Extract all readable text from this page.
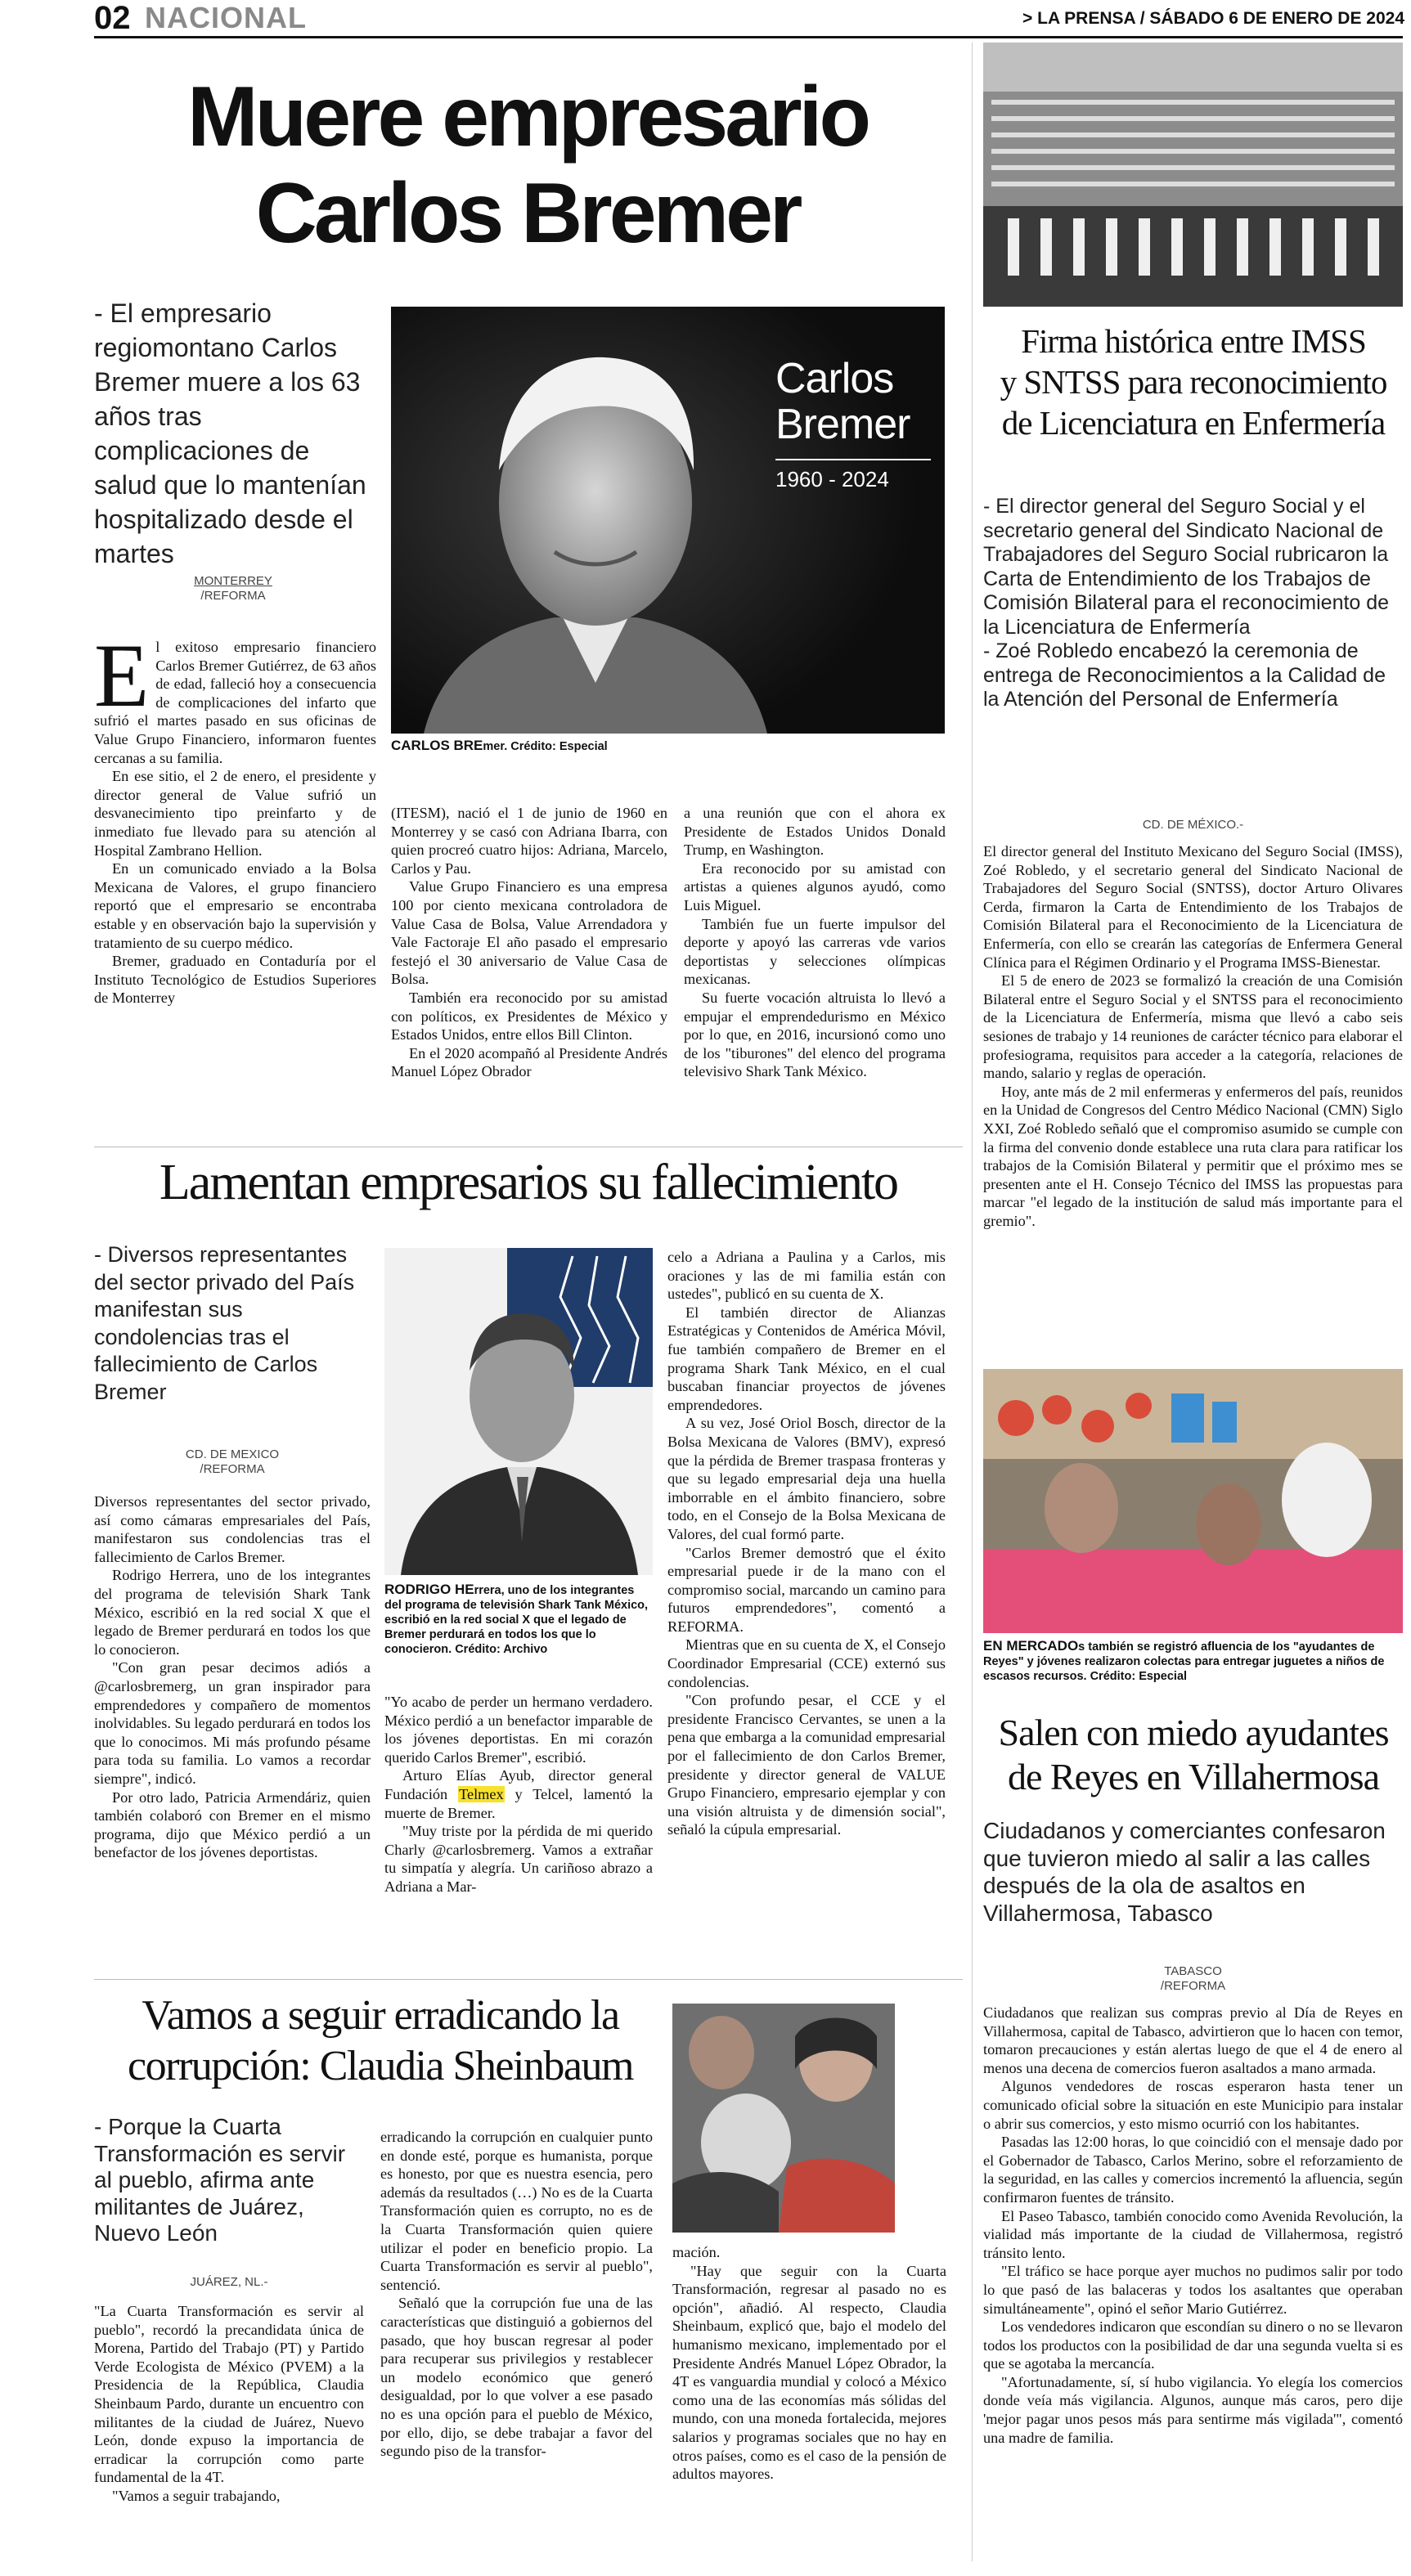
02 NACIONAL	> LA PRENSA / SÁBADO 6 DE ENERO DE 2024
Muere empresario
Carlos Bremer
- El empresario regiomontano Carlos Bremer muere a los 63 años tras complicaciones de salud que lo mantenían hospitalizado desde el martes
MONTERREY
/REFORMA
Carlos
Bremer
1960 - 2024
CARLOS BREmer. Crédito: Especial
E l exitoso empresario financiero Carlos Bremer Gutiérrez, de 63 años de edad, falleció hoy a consecuencia de complicaciones del infarto que sufrió el martes pasado en sus oficinas de Value Grupo Financiero, informaron fuentes cercanas a su familia.

En ese sitio, el 2 de enero, el presidente y director general de Value sufrió un desvanecimiento tipo preinfarto y de inmediato fue llevado para su atención al Hospital Zambrano Hellion.

En un comunicado enviado a la Bolsa Mexicana de Valores, el grupo financiero reportó que el empresario se encontraba estable y en observación bajo la supervisión y tratamiento de su cuerpo médico.

Bremer, graduado en Contaduría por el Instituto Tecnológico de Estudios Superiores de Monterrey

(ITESM), nació el 1 de junio de 1960 en Monterrey y se casó con Adriana Ibarra, con quien procreó cuatro hijos: Adriana, Marcelo, Carlos y Pau.

Value Grupo Financiero es una empresa 100 por ciento mexicana controladora de Value Casa de Bolsa, Value Arrendadora y Vale Factoraje El año pasado el empresario festejó el 30 aniversario de Value Casa de Bolsa.

También era reconocido por su amistad con políticos, ex Presidentes de México y Estados Unidos, entre ellos Bill Clinton.

En el 2020 acompañó al Presidente Andrés Manuel López Obrador

a una reunión que con el ahora ex Presidente de Estados Unidos Donald Trump, en Washington.

Era reconocido por su amistad con artistas a quienes algunos ayudó, como Luis Miguel.

También fue un fuerte impulsor del deporte y apoyó las carreras vde varios deportistas y selecciones olímpicas mexicanas.

Su fuerte vocación altruista lo llevó a empujar el emprendedurismo en México por lo que, en 2016, incursionó como uno de los "tiburones" del elenco del programa televisivo Shark Tank México.

Firma histórica entre IMSS
y SNTSS para reconocimiento
de Licenciatura en Enfermería
- El director general del Seguro Social y el secretario general del Sindicato Nacional de Trabajadores del Seguro Social rubricaron la Carta de Entendimiento de los Trabajos de Comisión Bilateral para el reconocimiento de la Licenciatura de Enfermería
- Zoé Robledo encabezó la ceremonia de entrega de Reconocimientos a la Calidad de la Atención del Personal de Enfermería
CD. DE MÉXICO.-

El director general del Instituto Mexicano del Seguro Social (IMSS), Zoé Robledo, y el secretario general del Sindicato Nacional de Trabajadores del Seguro Social (SNTSS), doctor Arturo Olivares Cerda, firmaron la Carta de Entendimiento de los Trabajos de Comisión Bilateral para el Reconocimiento de la Licenciatura de Enfermería, con ello se crearán las categorías de Enfermera General Clínica para el Régimen Ordinario y el Programa IMSS-Bienestar.

El 5 de enero de 2023 se formalizó la creación de una Comisión Bilateral entre el Seguro Social y el SNTSS para el reconocimiento de la Licenciatura de Enfermería, misma que llevó a cabo seis sesiones de trabajo y 14 reuniones de carácter técnico para elaborar el profesiograma, requisitos para acceder a la categoría, relaciones de mando, salario y reglas de operación.

Hoy, ante más de 2 mil enfermeras y enfermeros del país, reunidos en la Unidad de Congresos del Centro Médico Nacional (CMN) Siglo XXI, Zoé Robledo señaló que el compromiso asumido se cumple con la firma del convenio donde establece una ruta clara para ratificar los trabajos de la Comisión Bilateral y permitir que el próximo mes se presenten ante el H. Consejo Técnico del IMSS las propuestas para marcar "el legado de la institución de salud más importante para el gremio".

Lamentan empresarios su fallecimiento
- Diversos representantes del sector privado del País manifestan sus condolencias tras el fallecimiento de Carlos Bremer
CD. DE MEXICO
/REFORMA

Diversos representantes del sector privado, así como cámaras empresariales del País, manifestaron sus condolencias tras el fallecimiento de Carlos Bremer.

Rodrigo Herrera, uno de los integrantes del programa de televisión Shark Tank México, escribió en la red social X que el legado de Bremer perdurará en todos los que lo conocieron.

"Con gran pesar decimos adiós a @carlosbremerg, un gran inspirador para emprendedores y compañero de momentos inolvidables. Su legado perdurará en todos los que lo conocimos. Mi más profundo pésame para toda su familia. Lo vamos a recordar siempre", indicó.

Por otro lado, Patricia Armendáriz, quien también colaboró con Bremer en el mismo programa, dijo que México perdió a un benefactor de los jóvenes deportistas.

RODRIGO HErrera, uno de los integrantes del programa de televisión Shark Tank México, escribió en la red social X que el legado de Bremer perdurará en todos los que lo conocieron. Crédito: Archivo

"Yo acabo de perder un hermano verdadero. México perdió a un benefactor imparable de los jóvenes deportistas. En mi corazón querido Carlos Bremer", escribió.

Arturo Elías Ayub, director general Fundación Telmex y Telcel, lamentó la muerte de Bremer.

"Muy triste por la pérdida de mi querido Charly @carlosbremerg. Vamos a extrañar tu simpatía y alegría. Un cariñoso abrazo a Adriana a Mar-

celo a Adriana a Paulina y a Carlos, mis oraciones y las de mi familia están con ustedes", publicó en su cuenta de X.

El también director de Alianzas Estratégicas y Contenidos de América Móvil, fue también compañero de Bremer en el programa Shark Tank México, en el cual buscaban financiar proyectos de jóvenes emprendedores.

A su vez, José Oriol Bosch, director de la Bolsa Mexicana de Valores (BMV), expresó que la pérdida de Bremer traspasa fronteras y que su legado empresarial deja una huella imborrable en el ámbito financiero, sobre todo, en el Consejo de la Bolsa Mexicana de Valores, del cual formó parte.

"Carlos Bremer demostró que el éxito empresarial puede ir de la mano con el compromiso social, marcando un camino para futuros emprendedores", comentó a REFORMA.

Mientras que en su cuenta de X, el Consejo Coordinador Empresarial (CCE) externó sus condolencias.

"Con profundo pesar, el CCE y el presidente Francisco Cervantes, se unen a la pena que embarga a la comunidad empresarial por el fallecimiento de don Carlos Bremer, presidente y director general de VALUE Grupo Financiero, empresario ejemplar y con una visión altruista y de dimensión social", señaló la cúpula empresarial.

EN MERCADOs también se registró afluencia de los "ayudantes de Reyes" y jóvenes realizaron colectas para entregar juguetes a niños de escasos recursos. Crédito: Especial
Salen con miedo ayudantes
de Reyes en Villahermosa
Ciudadanos y comerciantes confesaron que tuvieron miedo al salir a las calles después de la ola de asaltos en Villahermosa, Tabasco
TABASCO
/REFORMA

Ciudadanos que realizan sus compras previo al Día de Reyes en Villahermosa, capital de Tabasco, advirtieron que lo hacen con temor, tomaron precauciones y están alertas luego de que el 4 de enero al menos una decena de comercios fueron asaltados a mano armada.

Algunos vendedores de roscas esperaron hasta tener un comunicado oficial sobre la situación en este Municipio para instalar o abrir sus comercios, y esto mismo ocurrió con los habitantes.

Pasadas las 12:00 horas, lo que coincidió con el mensaje dado por el Gobernador de Tabasco, Carlos Merino, sobre el reforzamiento de la seguridad, en las calles y comercios incrementó la afluencia, según confirmaron fuentes de tránsito.

El Paseo Tabasco, también conocido como Avenida Revolución, la vialidad más importante de la ciudad de Villahermosa, registró tránsito lento.

"El tráfico se hace porque ayer muchos no pudimos salir por todo lo que pasó de las balaceras y todos los asaltantes que operaban simultáneamente", opinó el señor Mario Gutiérrez.

Los vendedores indicaron que escondían su dinero o no se llevaron todos los productos con la posibilidad de dar una segunda vuelta si es que se agotaba la mercancía.

"Afortunadamente, sí, sí hubo vigilancia. Yo elegía los comercios donde veía más vigilancia. Algunos, aunque más caros, pero dije 'mejor pagar unos pesos más para sentirme más vigilada'", comentó una madre de familia.

Vamos a seguir erradicando la
corrupción: Claudia Sheinbaum
- Porque la Cuarta Transformación es servir al pueblo, afirma ante militantes de Juárez, Nuevo León
JUÁREZ, NL.-

"La Cuarta Transformación es servir al pueblo", recordó la precandidata única de Morena, Partido del Trabajo (PT) y Partido Verde Ecologista de México (PVEM) a la Presidencia de la República, Claudia Sheinbaum Pardo, durante un encuentro con militantes de la ciudad de Juárez, Nuevo León, donde expuso la importancia de erradicar la corrupción como parte fundamental de la 4T.

"Vamos a seguir trabajando,

erradicando la corrupción en cualquier punto en donde esté, porque es humanista, porque es honesto, por que es nuestra esencia, pero además da resultados (…) No es de la Cuarta Transformación quien es corrupto, no es de la Cuarta Transformación quien quiere utilizar el poder en beneficio propio. La Cuarta Transformación es servir al pueblo", sentenció.

Señaló que la corrupción fue una de las características que distinguió a gobiernos del pasado, que hoy buscan regresar al poder para recuperar sus privilegios y restablecer un modelo económico que generó desigualdad, por lo que volver a ese pasado no es una opción para el pueblo de México, por ello, dijo, se debe trabajar a favor del segundo piso de la transfor-

mación.

"Hay que seguir con la Cuarta Transformación, regresar al pasado no es opción", añadió. Al respecto, Claudia Sheinbaum, explicó que, bajo el modelo del humanismo mexicano, implementado por el Presidente Andrés Manuel López Obrador, la 4T es vanguardia mundial y colocó a México como una de las economías más sólidas del mundo, con una moneda fortalecida, mejores salarios y programas sociales que no hay en otros países, como es el caso de la pensión de adultos mayores.
